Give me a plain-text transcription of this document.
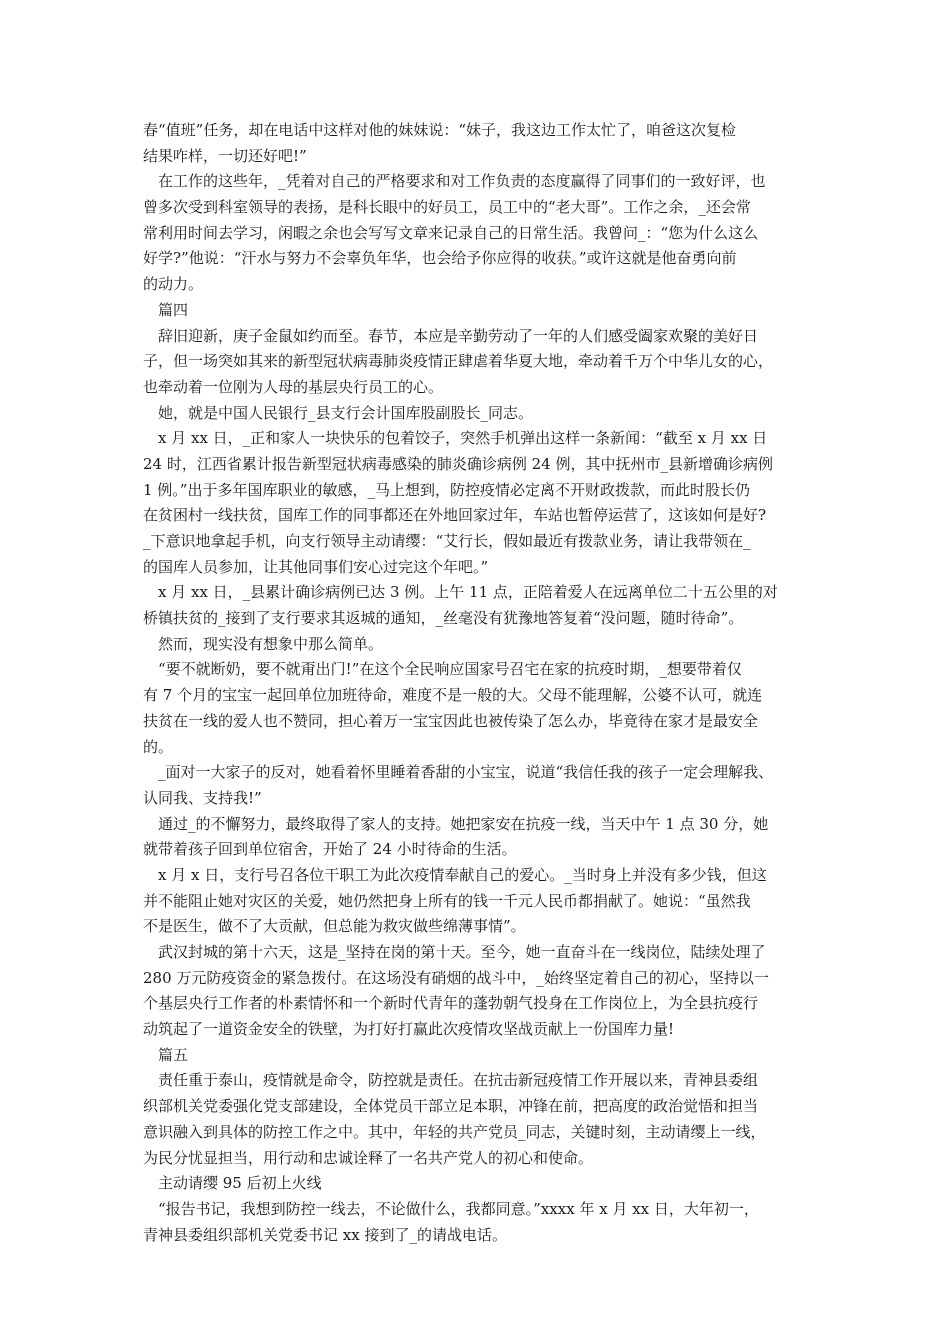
春“值班”任务，却在电话中这样对他的妹妹说：“妹子，我这边工作太忙了，咱爸这次复检
结果咋样，一切还好吧!”
　在工作的这些年，_凭着对自己的严格要求和对工作负责的态度赢得了同事们的一致好评，也
曾多次受到科室领导的表扬，是科长眼中的好员工，员工中的“老大哥”。工作之余，_还会常
常利用时间去学习，闲暇之余也会写写文章来记录自己的日常生活。我曾问_：“您为什么这么
好学?”他说：“汗水与努力不会辜负年华，也会给予你应得的收获。”或许这就是他奋勇向前
的动力。
　篇四
　辞旧迎新，庚子金鼠如约而至。春节，本应是辛勤劳动了一年的人们感受阖家欢聚的美好日
子，但一场突如其来的新型冠状病毒肺炎疫情正肆虐着华夏大地，牵动着千万个中华儿女的心，
也牵动着一位刚为人母的基层央行员工的心。
　她，就是中国人民银行_县支行会计国库股副股长_同志。
　x 月 xx 日，_正和家人一块快乐的包着饺子，突然手机弹出这样一条新闻：“截至 x 月 xx 日
24 时，江西省累计报告新型冠状病毒感染的肺炎确诊病例 24 例，其中抚州市_县新增确诊病例
1 例。”出于多年国库职业的敏感，_马上想到，防控疫情必定离不开财政拨款，而此时股长仍
在贫困村一线扶贫，国库工作的同事都还在外地回家过年，车站也暂停运营了，这该如何是好?
_下意识地拿起手机，向支行领导主动请缨：“艾行长，假如最近有拨款业务，请让我带领在_
的国库人员参加，让其他同事们安心过完这个年吧。”
　x 月 xx 日，_县累计确诊病例已达 3 例。上午 11 点，正陪着爱人在远离单位二十五公里的对
桥镇扶贫的_接到了支行要求其返城的通知，_丝毫没有犹豫地答复着“没问题，随时待命”。
　然而，现实没有想象中那么简单。
　“要不就断奶，要不就甭出门!”在这个全民响应国家号召宅在家的抗疫时期，_想要带着仅
有 7 个月的宝宝一起回单位加班待命，难度不是一般的大。父母不能理解，公婆不认可，就连
扶贫在一线的爱人也不赞同，担心着万一宝宝因此也被传染了怎么办，毕竟待在家才是最安全
的。
　_面对一大家子的反对，她看着怀里睡着香甜的小宝宝，说道“我信任我的孩子一定会理解我、
认同我、支持我!”
　通过_的不懈努力，最终取得了家人的支持。她把家安在抗疫一线，当天中午 1 点 30 分，她
就带着孩子回到单位宿舍，开始了 24 小时待命的生活。
　x 月 x 日，支行号召各位干职工为此次疫情奉献自己的爱心。_当时身上并没有多少钱，但这
并不能阻止她对灾区的关爱，她仍然把身上所有的钱一千元人民币都捐献了。她说：“虽然我
不是医生，做不了大贡献，但总能为救灾做些绵薄事情”。
　武汉封城的第十六天，这是_坚持在岗的第十天。至今，她一直奋斗在一线岗位，陆续处理了
280 万元防疫资金的紧急拨付。在这场没有硝烟的战斗中，_始终坚定着自己的初心，坚持以一
个基层央行工作者的朴素情怀和一个新时代青年的蓬勃朝气投身在工作岗位上，为全县抗疫行
动筑起了一道资金安全的铁壁，为打好打赢此次疫情攻坚战贡献上一份国库力量!
　篇五
　责任重于泰山，疫情就是命令，防控就是责任。在抗击新冠疫情工作开展以来，青神县委组
织部机关党委强化党支部建设，全体党员干部立足本职，冲锋在前，把高度的政治觉悟和担当
意识融入到具体的防控工作之中。其中，年轻的共产党员_同志，关键时刻，主动请缨上一线，
为民分忧显担当，用行动和忠诚诠释了一名共产党人的初心和使命。
　主动请缨 95 后初上火线
　“报告书记，我想到防控一线去，不论做什么，我都同意。”xxxx 年 x 月 xx 日，大年初一，
青神县委组织部机关党委书记 xx 接到了_的请战电话。
